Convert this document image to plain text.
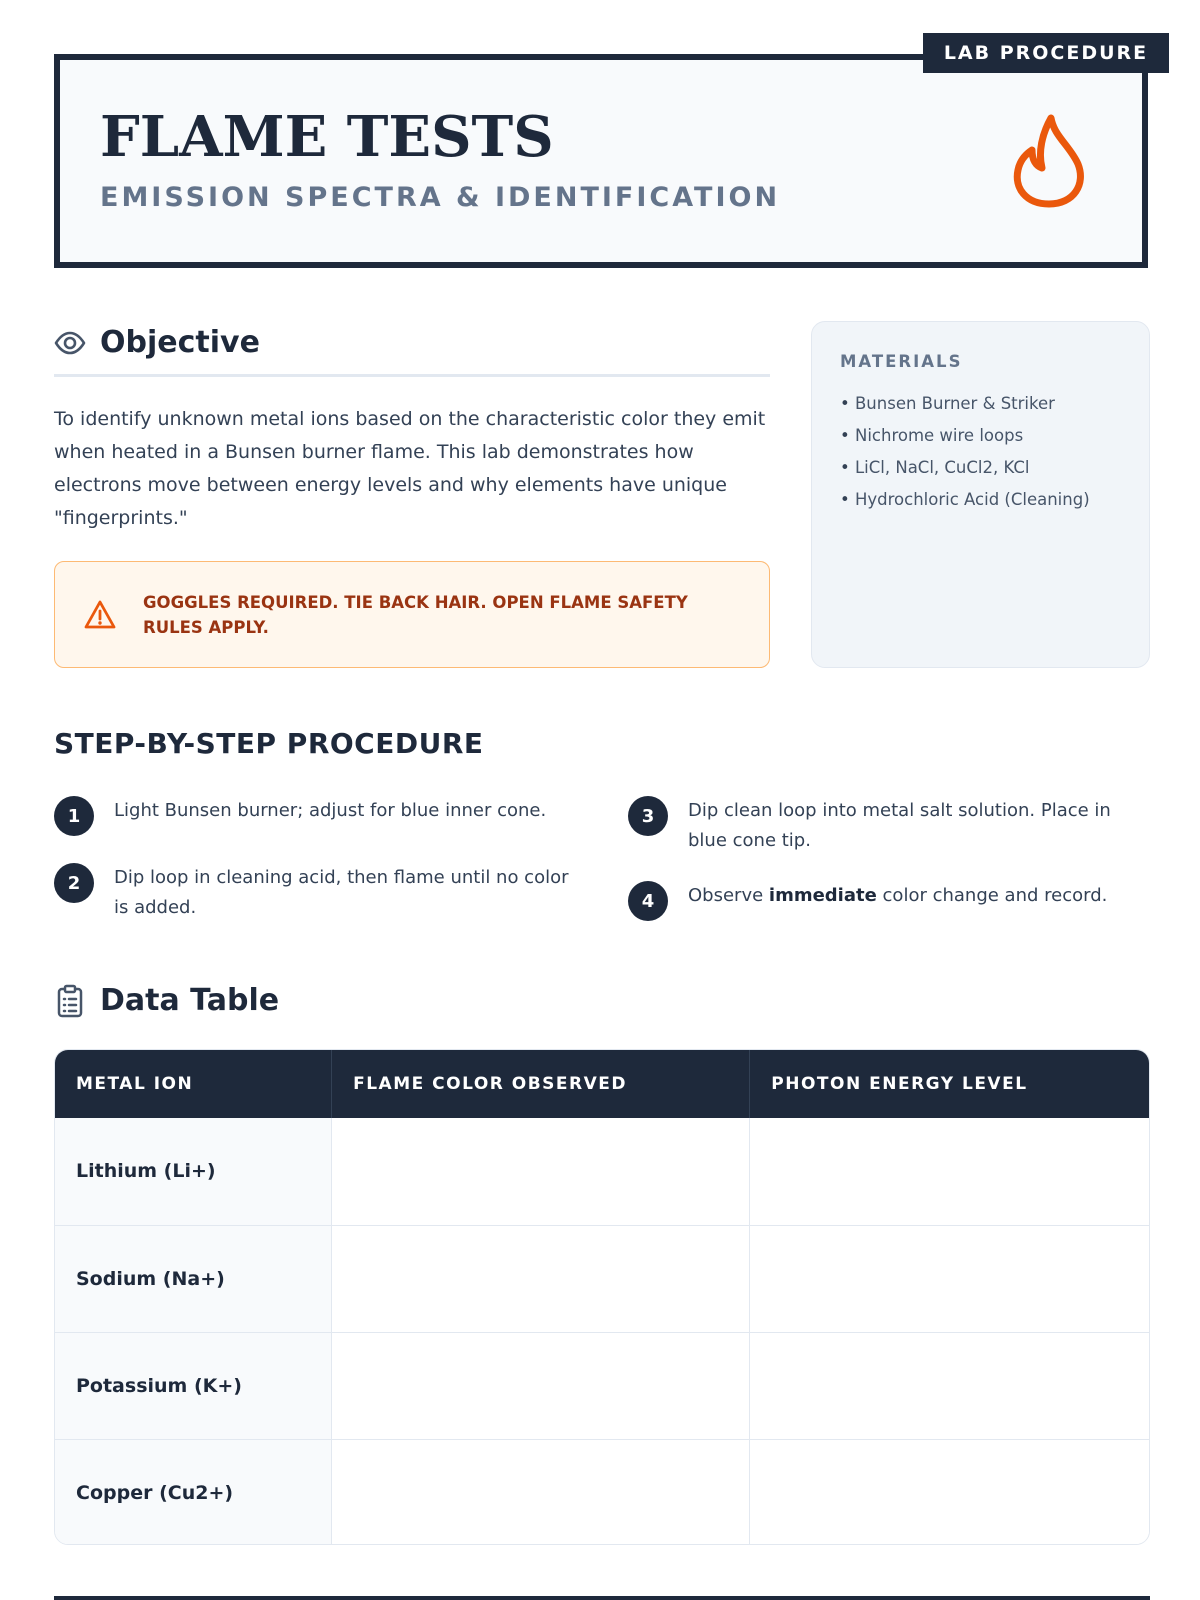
FLAME TESTS
EMISSION SPECTRA & IDENTIFICATION
LAB PROCEDURE
Objective

To identify unknown metal ions based on the characteristic color they emit when heated in a Bunsen burner flame. This lab demonstrates how electrons move between energy levels and why elements have unique "fingerprints."

GOGGLES REQUIRED. TIE BACK HAIR. OPEN FLAME SAFETY RULES APPLY.
MATERIALS
• Bunsen Burner & Striker
• Nichrome wire loops
• LiCl, NaCl, CuCl2, KCl
• Hydrochloric Acid (Cleaning)
STEP-BY-STEP PROCEDURE
1	Light Bunsen burner; adjust for blue inner cone.
2	Dip loop in cleaning acid, then flame until no color is added.
3	Dip clean loop into metal salt solution. Place in blue cone tip.
4	Observe immediate color change and record.
Data Table
METAL ION	FLAME COLOR OBSERVED	PHOTON ENERGY LEVEL
Lithium (Li+)		
Sodium (Na+)		
Potassium (K+)		
Copper (Cu2+)		
